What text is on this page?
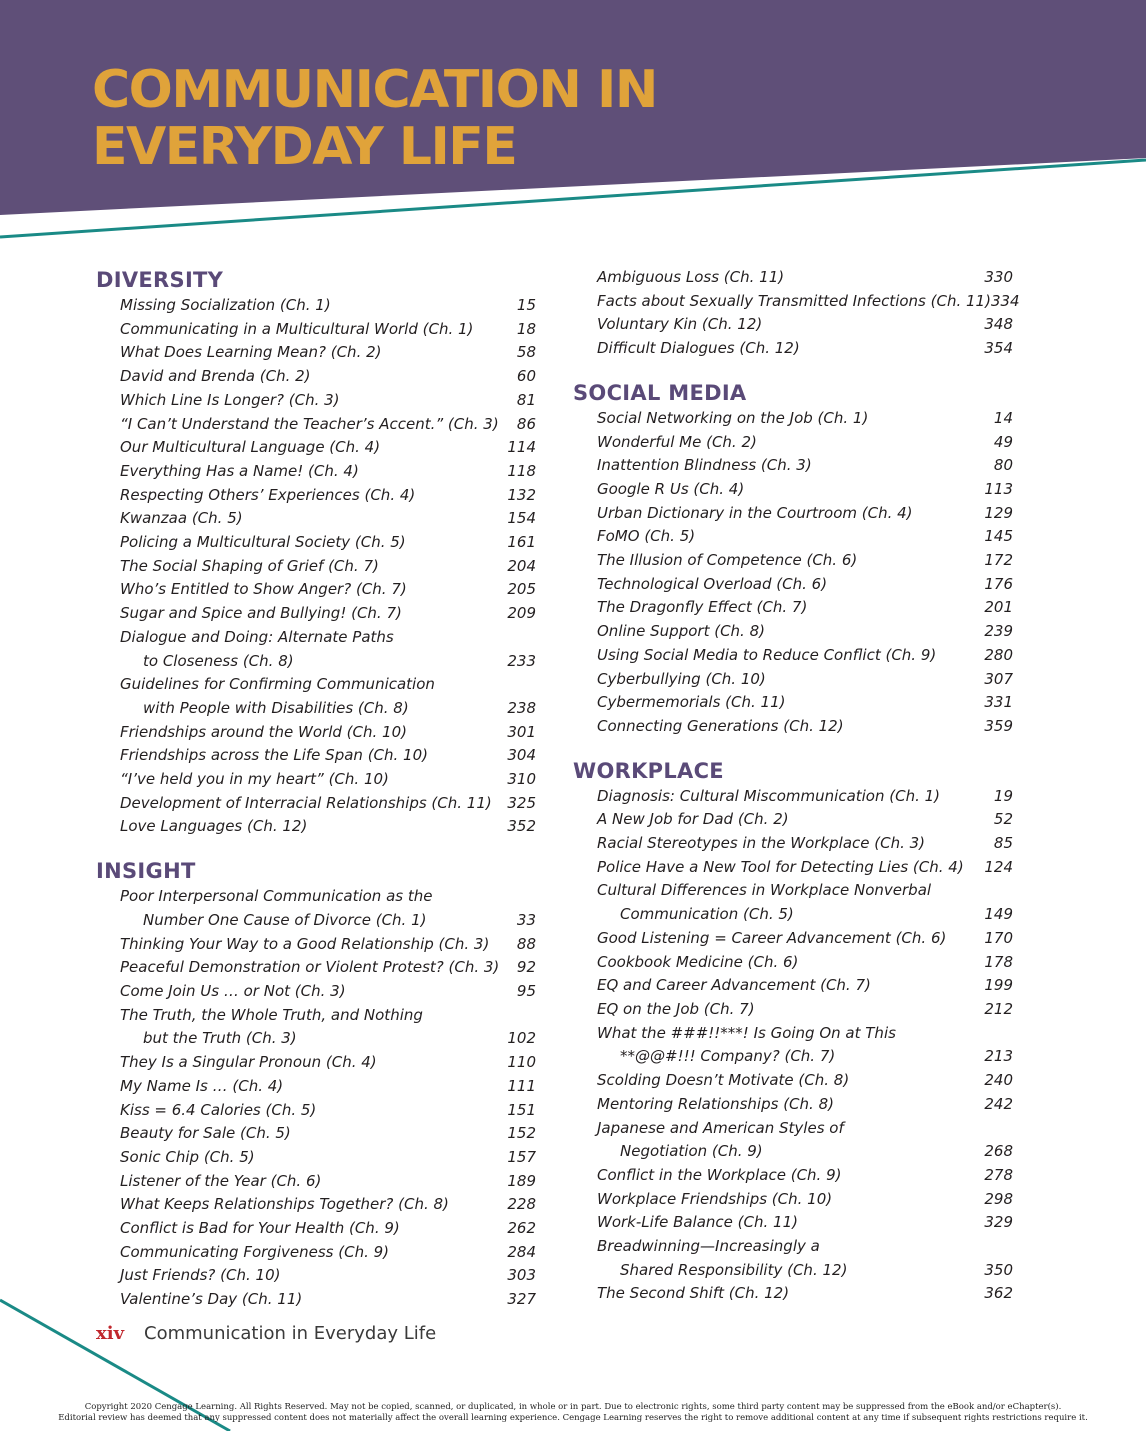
COMMUNICATION IN
EVERYDAY LIFE
DIVERSITY
Missing Socialization (Ch. 1)	15
Communicating in a Multicultural World (Ch. 1)	18
What Does Learning Mean? (Ch. 2)	58
David and Brenda (Ch. 2)	60
Which Line Is Longer? (Ch. 3)	81
“I Can’t Understand the Teacher’s Accent.” (Ch. 3)	86
Our Multicultural Language (Ch. 4)	114
Everything Has a Name! (Ch. 4)	118
Respecting Others’ Experiences (Ch. 4)	132
Kwanzaa (Ch. 5)	154
Policing a Multicultural Society (Ch. 5)	161
The Social Shaping of Grief (Ch. 7)	204
Who’s Entitled to Show Anger? (Ch. 7)	205
Sugar and Spice and Bullying! (Ch. 7)	209
Dialogue and Doing: Alternate Paths
to Closeness (Ch. 8)	233
Guidelines for Confirming Communication
with People with Disabilities (Ch. 8)	238
Friendships around the World (Ch. 10)	301
Friendships across the Life Span (Ch. 10)	304
“I’ve held you in my heart” (Ch. 10)	310
Development of Interracial Relationships (Ch. 11)	325
Love Languages (Ch. 12)	352
INSIGHT
Poor Interpersonal Communication as the
Number One Cause of Divorce (Ch. 1)	33
Thinking Your Way to a Good Relationship (Ch. 3)	88
Peaceful Demonstration or Violent Protest? (Ch. 3)	92
Come Join Us … or Not (Ch. 3)	95
The Truth, the Whole Truth, and Nothing
but the Truth (Ch. 3)	102
They Is a Singular Pronoun (Ch. 4)	110
My Name Is … (Ch. 4)	111
Kiss = 6.4 Calories (Ch. 5)	151
Beauty for Sale (Ch. 5)	152
Sonic Chip (Ch. 5)	157
Listener of the Year (Ch. 6)	189
What Keeps Relationships Together? (Ch. 8)	228
Conflict is Bad for Your Health (Ch. 9)	262
Communicating Forgiveness (Ch. 9)	284
Just Friends? (Ch. 10)	303
Valentine’s Day (Ch. 11)	327
Ambiguous Loss (Ch. 11)	330
Facts about Sexually Transmitted Infections (Ch. 11) 334
Voluntary Kin (Ch. 12)	348
Difficult Dialogues (Ch. 12)	354
SOCIAL MEDIA
Social Networking on the Job (Ch. 1)	14
Wonderful Me (Ch. 2)	49
Inattention Blindness (Ch. 3)	80
Google R Us (Ch. 4)	113
Urban Dictionary in the Courtroom (Ch. 4)	129
FoMO (Ch. 5)	145
The Illusion of Competence (Ch. 6)	172
Technological Overload (Ch. 6)	176
The Dragonfly Effect (Ch. 7)	201
Online Support (Ch. 8)	239
Using Social Media to Reduce Conflict (Ch. 9)	280
Cyberbullying (Ch. 10)	307
Cybermemorials (Ch. 11)	331
Connecting Generations (Ch. 12)	359
WORKPLACE
Diagnosis: Cultural Miscommunication (Ch. 1)	19
A New Job for Dad (Ch. 2)	52
Racial Stereotypes in the Workplace (Ch. 3)	85
Police Have a New Tool for Detecting Lies (Ch. 4)	124
Cultural Differences in Workplace Nonverbal
Communication (Ch. 5)	149
Good Listening = Career Advancement (Ch. 6)	170
Cookbook Medicine (Ch. 6)	178
EQ and Career Advancement (Ch. 7)	199
EQ on the Job (Ch. 7)	212
What the ###!!***! Is Going On at This
**@@#!!! Company? (Ch. 7)	213
Scolding Doesn’t Motivate (Ch. 8)	240
Mentoring Relationships (Ch. 8)	242
Japanese and American Styles of
Negotiation (Ch. 9)	268
Conflict in the Workplace (Ch. 9)	278
Workplace Friendships (Ch. 10)	298
Work-Life Balance (Ch. 11)	329
Breadwinning—Increasingly a
Shared Responsibility (Ch. 12)	350
The Second Shift (Ch. 12)	362
xiv Communication in Everyday Life
Copyright 2020 Cengage Learning. All Rights Reserved. May not be copied, scanned, or duplicated, in whole or in part. Due to electronic rights, some third party content may be suppressed from the eBook and/or eChapter(s).
Editorial review has deemed that any suppressed content does not materially affect the overall learning experience. Cengage Learning reserves the right to remove additional content at any time if subsequent rights restrictions require it.
